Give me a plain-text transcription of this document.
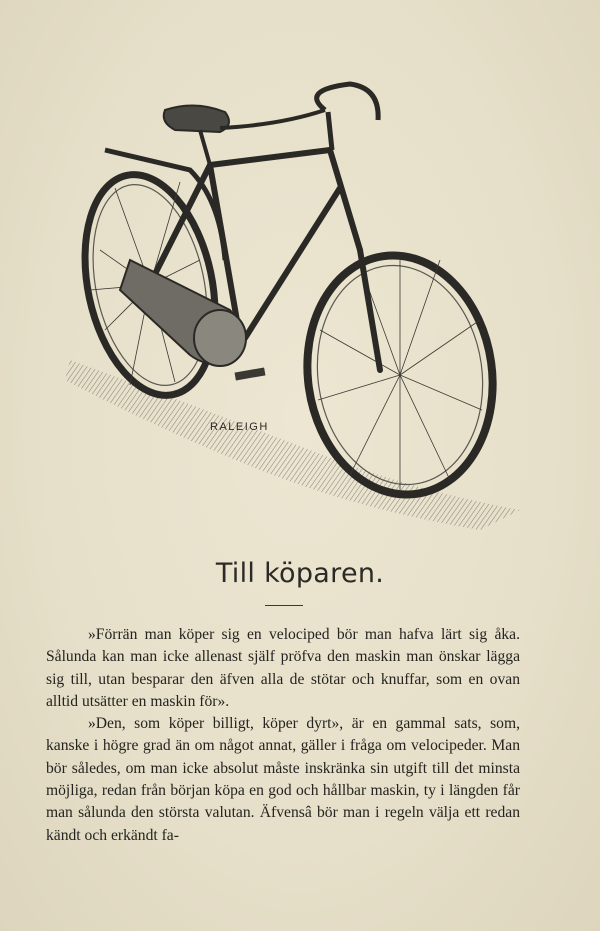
RALEIGH
Till köparen.

»Förrän man köper sig en velociped bör man hafva lärt sig åka. Sålunda kan man icke allenast själf pröfva den maskin man önskar lägga sig till, utan besparar den äfven alla de stötar och knuffar, som en ovan alltid utsätter en maskin för».

»Den, som köper billigt, köper dyrt», är en gammal sats, som, kanske i högre grad än om något annat, gäller i fråga om velocipeder. Man bör således, om man icke absolut måste inskränka sin utgift till det minsta möjliga, redan från början köpa en god och hållbar maskin, ty i längden får man sålunda den största valutan. Äfvensâ bör man i regeln välja ett redan kändt och erkändt fa-
